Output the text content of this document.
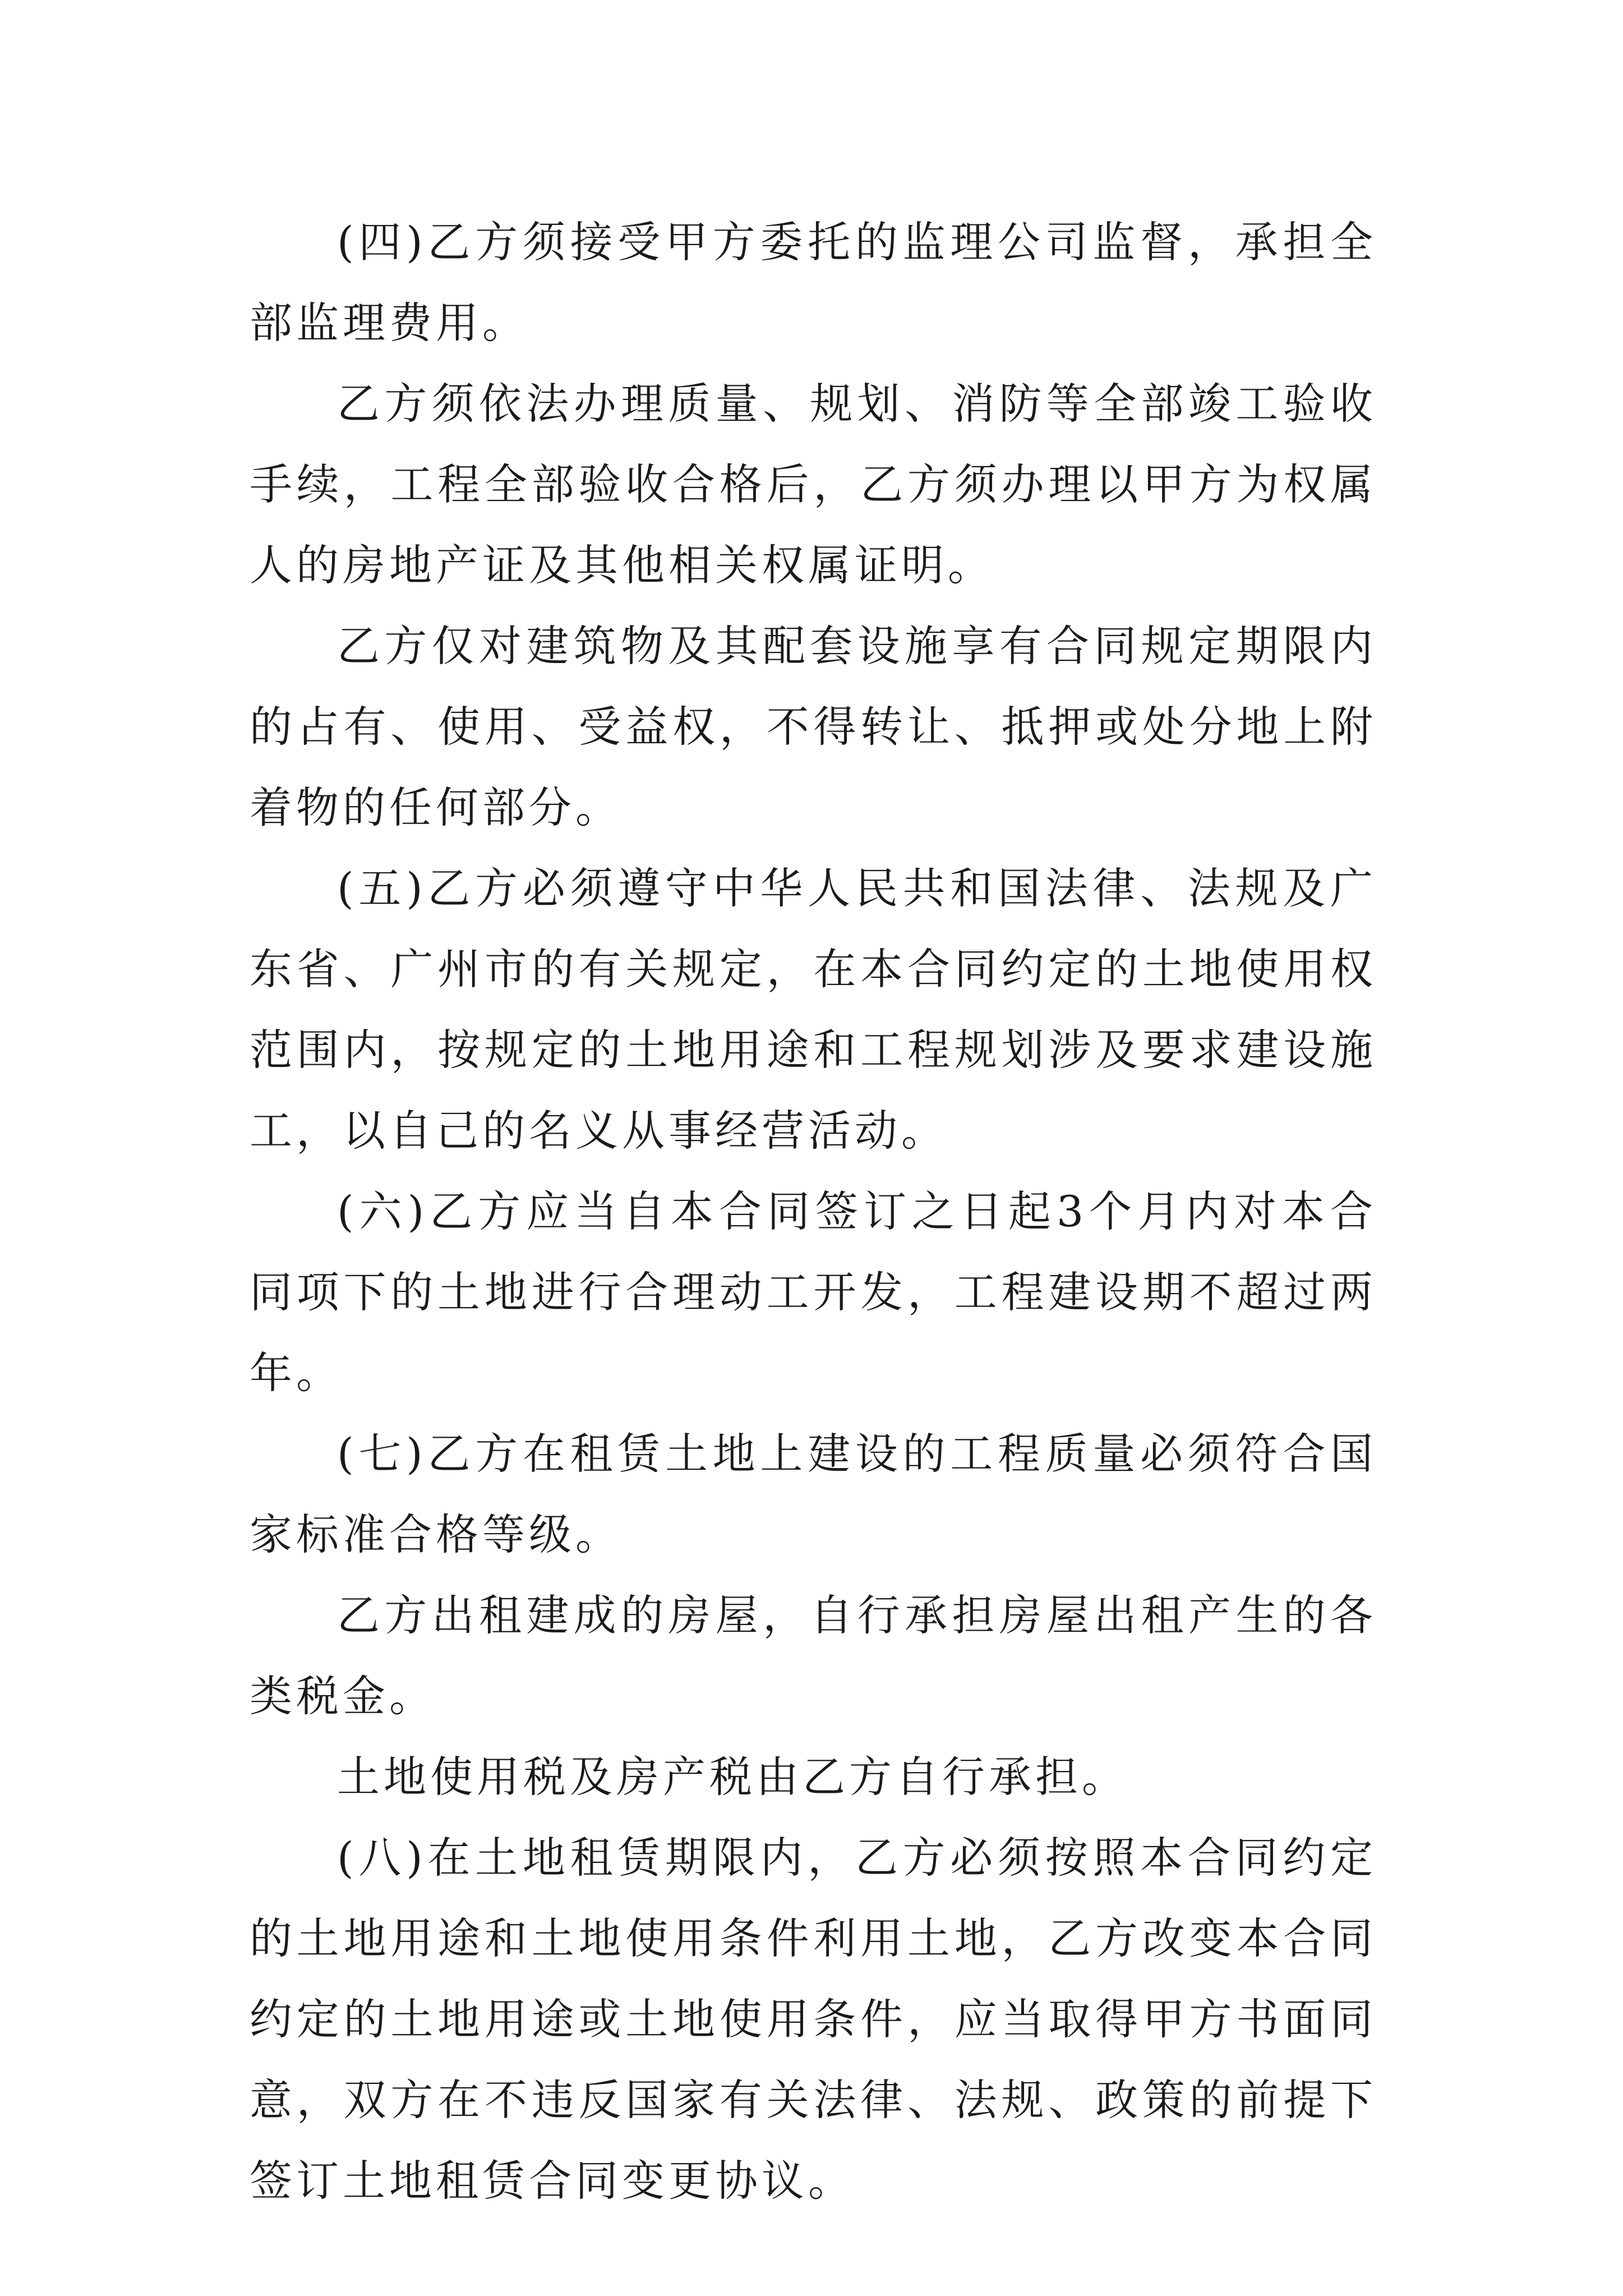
(四)乙方须接受甲方委托的监理公司监督，承担全部监理费用。

乙方须依法办理质量、规划、消防等全部竣工验收手续，工程全部验收合格后，乙方须办理以甲方为权属人的房地产证及其他相关权属证明。

乙方仅对建筑物及其配套设施享有合同规定期限内的占有、使用、受益权，不得转让、抵押或处分地上附着物的任何部分。

(五)乙方必须遵守中华人民共和国法律、法规及广东省、广州市的有关规定，在本合同约定的土地使用权范围内，按规定的土地用途和工程规划涉及要求建设施工，以自己的名义从事经营活动。

(六)乙方应当自本合同签订之日起3个月内对本合同项下的土地进行合理动工开发，工程建设期不超过两年。

(七)乙方在租赁土地上建设的工程质量必须符合国家标准合格等级。

乙方出租建成的房屋，自行承担房屋出租产生的各类税金。

土地使用税及房产税由乙方自行承担。

(八)在土地租赁期限内，乙方必须按照本合同约定的土地用途和土地使用条件利用土地，乙方改变本合同约定的土地用途或土地使用条件，应当取得甲方书面同意，双方在不违反国家有关法律、法规、政策的前提下签订土地租赁合同变更协议。
